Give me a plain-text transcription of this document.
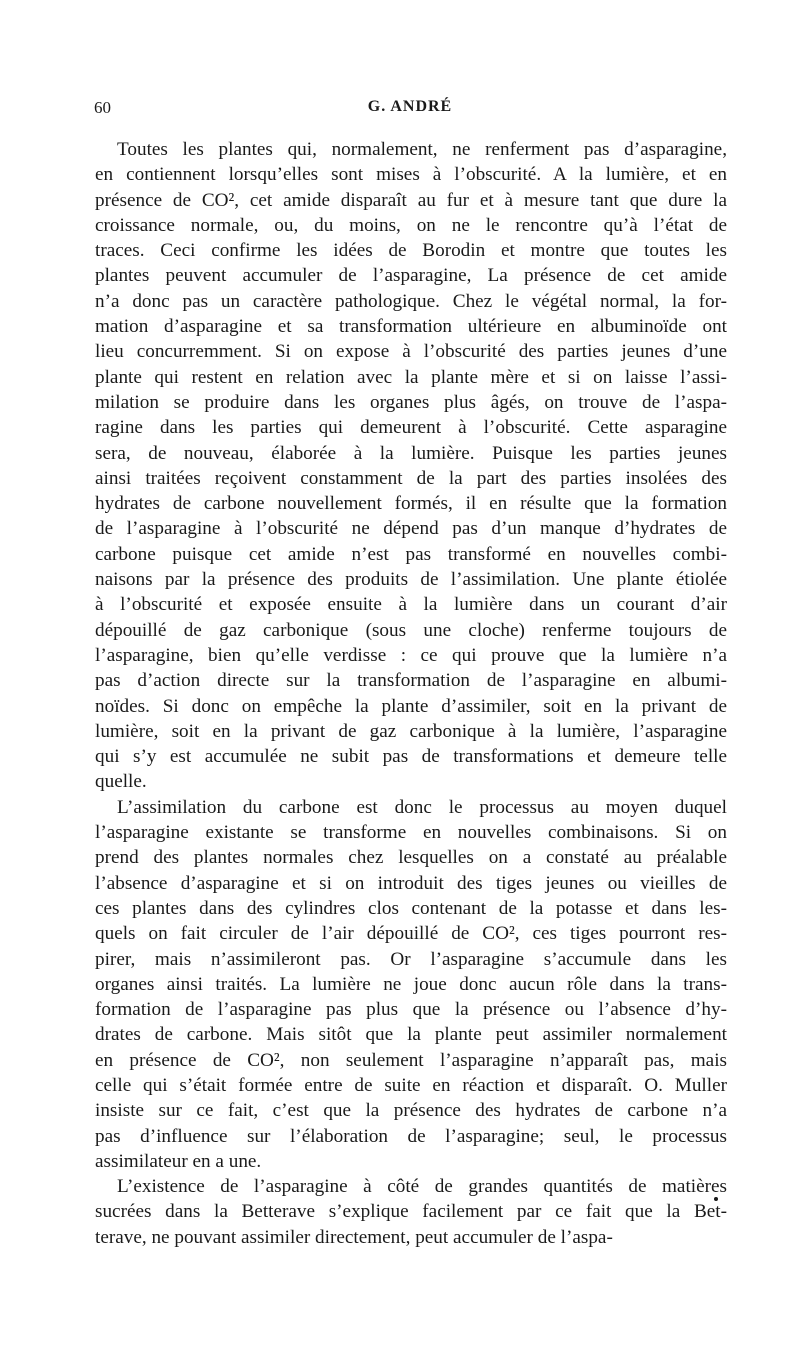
60	G. ANDRÉ
Toutes les plantes qui, normalement, ne renferment pas d’asparagine,
en contiennent lorsqu’elles sont mises à l’obscurité. A la lumière, et en
présence de CO², cet amide disparaît au fur et à mesure tant que dure la
croissance normale, ou, du moins, on ne le rencontre qu’à l’état de
traces. Ceci confirme les idées de Borodin et montre que toutes les
plantes peuvent accumuler de l’asparagine, La présence de cet amide
n’a donc pas un caractère pathologique. Chez le végétal normal, la for-
mation d’asparagine et sa transformation ultérieure en albuminoïde ont
lieu concurremment. Si on expose à l’obscurité des parties jeunes d’une
plante qui restent en relation avec la plante mère et si on laisse l’assi-
milation se produire dans les organes plus âgés, on trouve de l’aspa-
ragine dans les parties qui demeurent à l’obscurité. Cette asparagine
sera, de nouveau, élaborée à la lumière. Puisque les parties jeunes
ainsi traitées reçoivent constamment de la part des parties insolées des
hydrates de carbone nouvellement formés, il en résulte que la formation
de l’asparagine à l’obscurité ne dépend pas d’un manque d’hydrates de
carbone puisque cet amide n’est pas transformé en nouvelles combi-
naisons par la présence des produits de l’assimilation. Une plante étiolée
à l’obscurité et exposée ensuite à la lumière dans un courant d’air
dépouillé de gaz carbonique (sous une cloche) renferme toujours de
l’asparagine, bien qu’elle verdisse : ce qui prouve que la lumière n’a
pas d’action directe sur la transformation de l’asparagine en albumi-
noïdes. Si donc on empêche la plante d’assimiler, soit en la privant de
lumière, soit en la privant de gaz carbonique à la lumière, l’asparagine
qui s’y est accumulée ne subit pas de transformations et demeure telle
quelle.
L’assimilation du carbone est donc le processus au moyen duquel
l’asparagine existante se transforme en nouvelles combinaisons. Si on
prend des plantes normales chez lesquelles on a constaté au préalable
l’absence d’asparagine et si on introduit des tiges jeunes ou vieilles de
ces plantes dans des cylindres clos contenant de la potasse et dans les-
quels on fait circuler de l’air dépouillé de CO², ces tiges pourront res-
pirer, mais n’assimileront pas. Or l’asparagine s’accumule dans les
organes ainsi traités. La lumière ne joue donc aucun rôle dans la trans-
formation de l’asparagine pas plus que la présence ou l’absence d’hy-
drates de carbone. Mais sitôt que la plante peut assimiler normalement
en présence de CO², non seulement l’asparagine n’apparaît pas, mais
celle qui s’était formée entre de suite en réaction et disparaît. O. Muller
insiste sur ce fait, c’est que la présence des hydrates de carbone n’a
pas d’influence sur l’élaboration de l’asparagine; seul, le processus
assimilateur en a une.
L’existence de l’asparagine à côté de grandes quantités de matières
sucrées dans la Betterave s’explique facilement par ce fait que la Bet-
terave, ne pouvant assimiler directement, peut accumuler de l’aspa-
